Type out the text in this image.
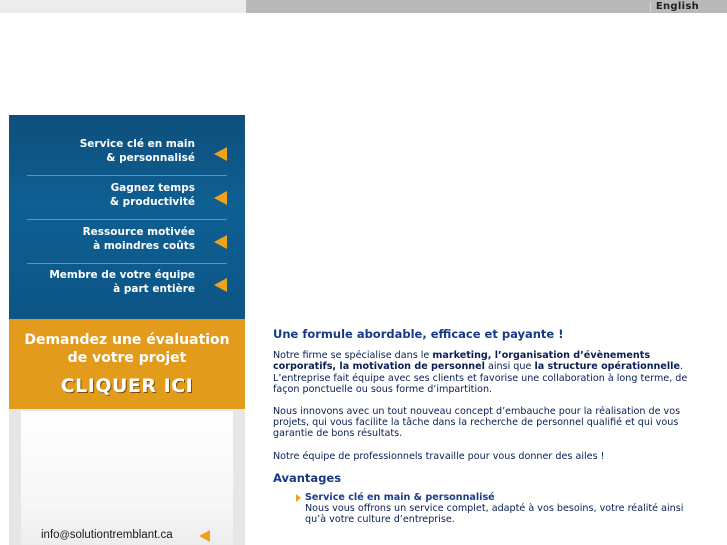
English
Service clé en main
& personnalisé
Gagnez temps
& productivité
Ressource motivée
à moindres coûts
Membre de votre équipe
à part entière
Demandez une évaluation
de votre projet
CLIQUER ICI
info@solutiontremblant.ca
Une formule abordable, efficace et payante !

Notre firme se spécialise dans le marketing, l’organisation d’évènements corporatifs, la motivation de personnel ainsi que la structure opérationnelle. L’entreprise fait équipe avec ses clients et favorise une collaboration à long terme, de façon ponctuelle ou sous forme d’impartition.

Nous innovons avec un tout nouveau concept d’embauche pour la réalisation de vos projets, qui vous facilite la tâche dans la recherche de personnel qualifié et qui vous garantie de bons résultats.

Notre équipe de professionnels travaille pour vous donner des ailes !

Avantages
Service clé en main & personnalisé
Nous vous offrons un service complet, adapté à vos besoins, votre réalité ainsi qu’à votre culture d’entreprise.
